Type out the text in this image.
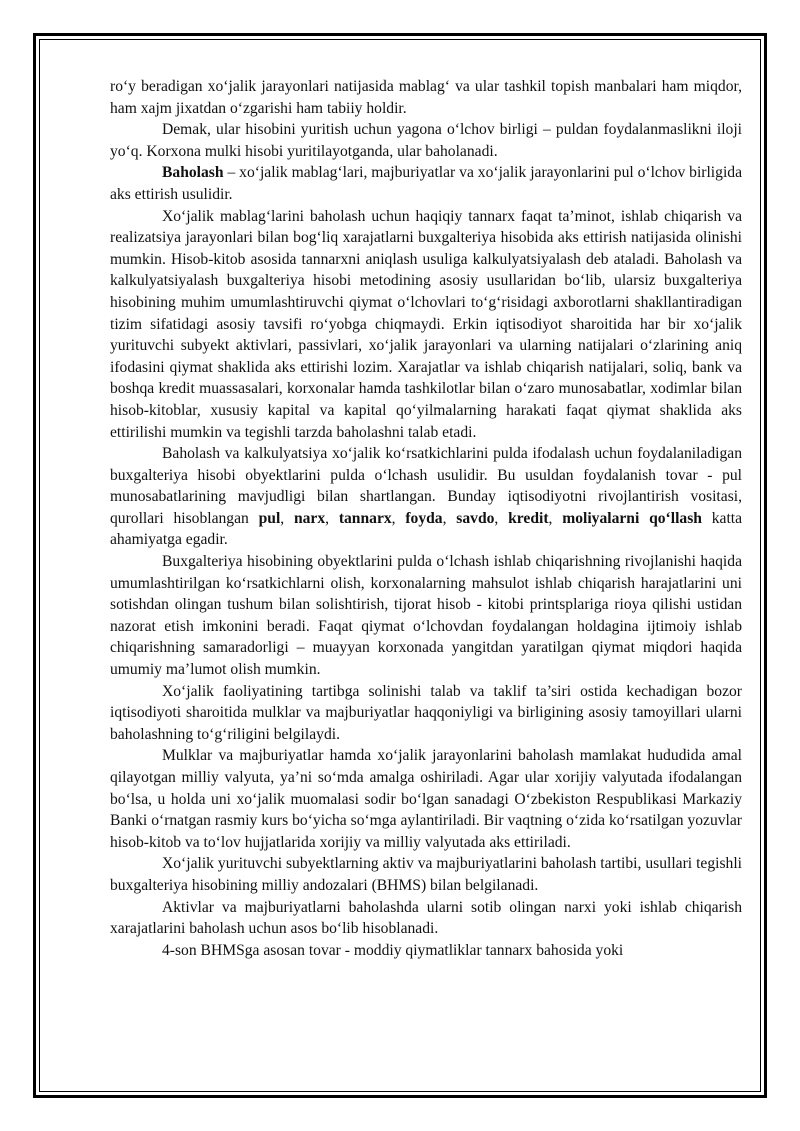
ro‘y beradigan xo‘jalik jarayonlari natijasida mablag‘ va ular tashkil topish manbalari ham miqdor, ham xajm jixatdan o‘zgarishi ham tabiiy holdir.

Demak, ular hisobini yuritish uchun yagona o‘lchov birligi – puldan foydalanmaslikni iloji yo‘q. Korxona mulki hisobi yuritilayotganda, ular baholanadi.

Baholash – xo‘jalik mablag‘lari, majburiyatlar va xo‘jalik jarayonlarini pul o‘lchov birligida aks ettirish usulidir.

Xo‘jalik mablag‘larini baholash uchun haqiqiy tannarx faqat ta’minot, ishlab chiqarish va realizatsiya jarayonlari bilan bog‘liq xarajatlarni buxgalteriya hisobida aks ettirish natijasida olinishi mumkin. Hisob-kitob asosida tannarxni aniqlash usuliga kalkulyatsiyalash deb ataladi. Baholash va kalkulyatsiyalash buxgalteriya hisobi metodining asosiy usullaridan bo‘lib, ularsiz buxgalteriya hisobining muhim umumlashtiruvchi qiymat o‘lchovlari to‘g‘risidagi axborotlarni shakllantiradigan tizim sifatidagi asosiy tavsifi ro‘yobga chiqmaydi. Erkin iqtisodiyot sharoitida har bir xo‘jalik yurituvchi subyekt aktivlari, passivlari, xo‘jalik jarayonlari va ularning natijalari o‘zlarining aniq ifodasini qiymat shaklida aks ettirishi lozim. Xarajatlar va ishlab chiqarish natijalari, soliq, bank va boshqa kredit muassasalari, korxonalar hamda tashkilotlar bilan o‘zaro munosabatlar, xodimlar bilan hisob-kitoblar, xususiy kapital va kapital qo‘yilmalarning harakati faqat qiymat shaklida aks ettirilishi mumkin va tegishli tarzda baholashni talab etadi.

Baholash va kalkulyatsiya xo‘jalik ko‘rsatkichlarini pulda ifodalash uchun foydalaniladigan buxgalteriya hisobi obyektlarini pulda o‘lchash usulidir. Bu usuldan foydalanish tovar - pul munosabatlarining mavjudligi bilan shartlangan. Bunday iqtisodiyotni rivojlantirish vositasi, qurollari hisoblangan pul, narx, tannarx, foyda, savdo, kredit, moliyalarni qo‘llash katta ahamiyatga egadir.

Buxgalteriya hisobining obyektlarini pulda o‘lchash ishlab chiqarishning rivojlanishi haqida umumlashtirilgan ko‘rsatkichlarni olish, korxonalarning mahsulot ishlab chiqarish harajatlarini uni sotishdan olingan tushum bilan solishtirish, tijorat hisob - kitobi printsplariga rioya qilishi ustidan nazorat etish imkonini beradi. Faqat qiymat o‘lchovdan foydalangan holdagina ijtimoiy ishlab chiqarishning samaradorligi – muayyan korxonada yangitdan yaratilgan qiymat miqdori haqida umumiy ma’lumot olish mumkin.

Xo‘jalik faoliyatining tartibga solinishi talab va taklif ta’siri ostida kechadigan bozor iqtisodiyoti sharoitida mulklar va majburiyatlar haqqoniyligi va birligining asosiy tamoyillari ularni baholashning to‘g‘riligini belgilaydi.

Mulklar va majburiyatlar hamda xo‘jalik jarayonlarini baholash mamlakat hududida amal qilayotgan milliy valyuta, ya’ni so‘mda amalga oshiriladi. Agar ular xorijiy valyutada ifodalangan bo‘lsa, u holda uni xo‘jalik muomalasi sodir bo‘lgan sanadagi O‘zbekiston Respublikasi Markaziy Banki o‘rnatgan rasmiy kurs bo‘yicha so‘mga aylantiriladi. Bir vaqtning o‘zida ko‘rsatilgan yozuvlar hisob-kitob va to‘lov hujjatlarida xorijiy va milliy valyutada aks ettiriladi.

Xo‘jalik yurituvchi subyektlarning aktiv va majburiyatlarini baholash tartibi, usullari tegishli buxgalteriya hisobining milliy andozalari (BHMS) bilan belgilanadi.

Aktivlar va majburiyatlarni baholashda ularni sotib olingan narxi yoki ishlab chiqarish xarajatlarini baholash uchun asos bo‘lib hisoblanadi.

4-son BHMSga asosan tovar - moddiy qiymatliklar tannarx bahosida yoki
